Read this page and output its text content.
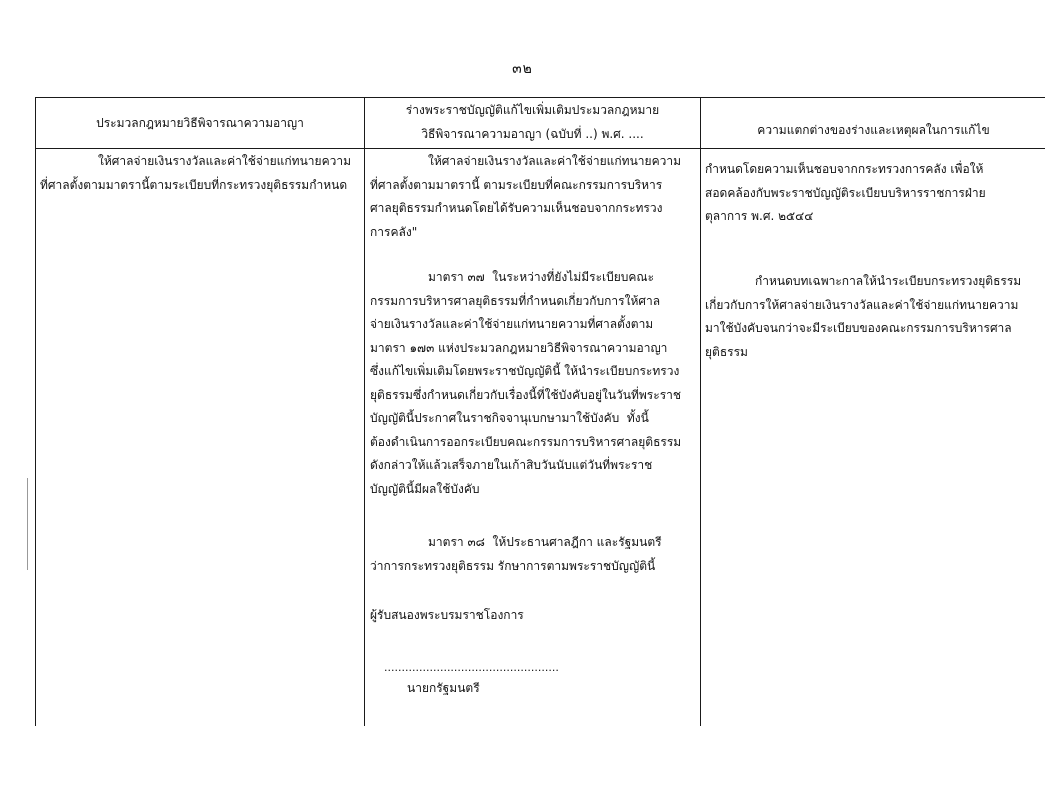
๓๒
ประมวลกฎหมายวิธีพิจารณาความอาญา
ร่างพระราชบัญญัติแก้ไขเพิ่มเติมประมวลกฎหมาย
วิธีพิจารณาความอาญา (ฉบับที่ ..) พ.ศ. ....	ความแตกต่างของร่างและเหตุผลในการแก้ไข
ให้ศาลจ่ายเงินรางวัลและค่าใช้จ่ายแก่ทนายความ
ที่ศาลตั้งตามมาตรานี้ตามระเบียบที่กระทรวงยุติธรรมกำหนด
ให้ศาลจ่ายเงินรางวัลและค่าใช้จ่ายแก่ทนายความ
ที่ศาลตั้งตามมาตรานี้ ตามระเบียบที่คณะกรรมการบริหาร
ศาลยุติธรรมกำหนดโดยได้รับความเห็นชอบจากกระทรวง
การคลัง"
มาตรา ๓๗  ในระหว่างที่ยังไม่มีระเบียบคณะ
กรรมการบริหารศาลยุติธรรมที่กำหนดเกี่ยวกับการให้ศาล
จ่ายเงินรางวัลและค่าใช้จ่ายแก่ทนายความที่ศาลตั้งตาม
มาตรา ๑๗๓ แห่งประมวลกฎหมายวิธีพิจารณาความอาญา
ซึ่งแก้ไขเพิ่มเติมโดยพระราชบัญญัตินี้ ให้นำระเบียบกระทรวง
ยุติธรรมซึ่งกำหนดเกี่ยวกับเรื่องนี้ที่ใช้บังคับอยู่ในวันที่พระราช
บัญญัตินี้ประกาศในราชกิจจานุเบกษามาใช้บังคับ  ทั้งนี้
ต้องดำเนินการออกระเบียบคณะกรรมการบริหารศาลยุติธรรม
ดังกล่าวให้แล้วเสร็จภายในเก้าสิบวันนับแต่วันที่พระราช
บัญญัตินี้มีผลใช้บังคับ
มาตรา ๓๘  ให้ประธานศาลฎีกา และรัฐมนตรี
ว่าการกระทรวงยุติธรรม รักษาการตามพระราชบัญญัตินี้
ผู้รับสนองพระบรมราชโองการ
..................................................
นายกรัฐมนตรี
กำหนดโดยความเห็นชอบจากกระทรวงการคลัง เพื่อให้
สอดคล้องกับพระราชบัญญัติระเบียบบริหารราชการฝ่าย
ตุลาการ พ.ศ. ๒๕๔๔
กำหนดบทเฉพาะกาลให้นำระเบียบกระทรวงยุติธรรม
เกี่ยวกับการให้ศาลจ่ายเงินรางวัลและค่าใช้จ่ายแก่ทนายความ
มาใช้บังคับจนกว่าจะมีระเบียบของคณะกรรมการบริหารศาล
ยุติธรรม
